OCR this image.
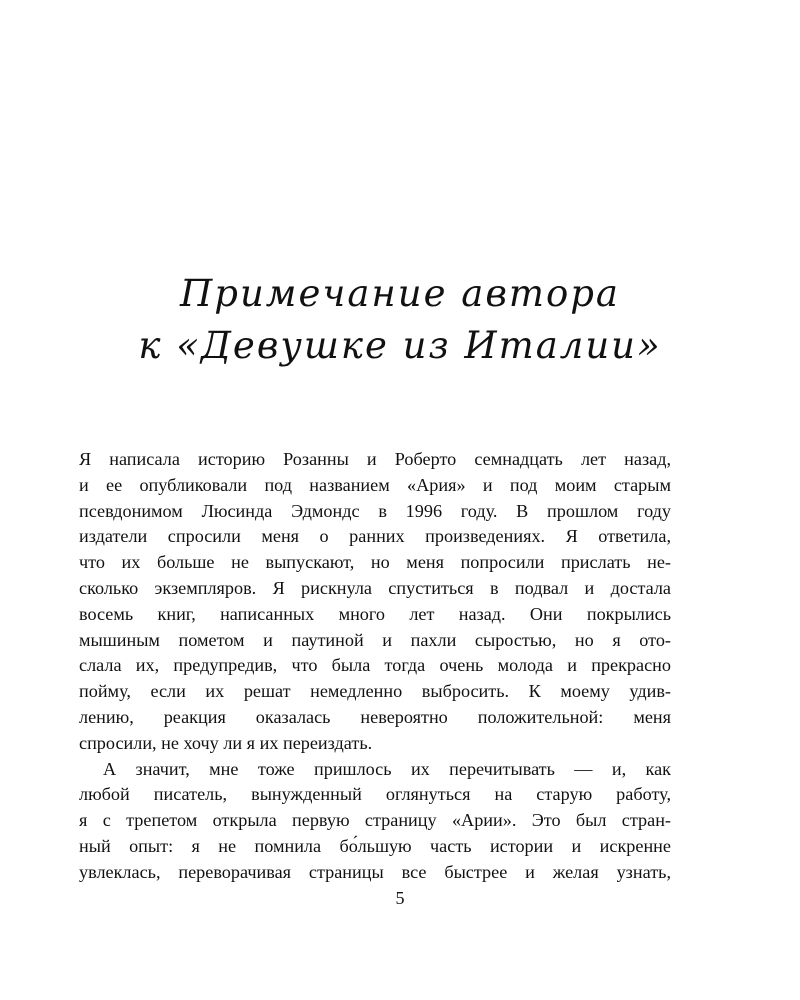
Примечание автора
к «Девушке из Италии»
Я написала историю Розанны и Роберто семнадцать лет назад,
и ее опубликовали под названием «Ария» и под моим старым
псевдонимом Люсинда Эдмондс в 1996 году. В прошлом году
издатели спросили меня о ранних произведениях. Я ответила,
что их больше не выпускают, но меня попросили прислать не-
сколько экземпляров. Я рискнула спуститься в подвал и достала
восемь книг, написанных много лет назад. Они покрылись
мышиным пометом и паутиной и пахли сыростью, но я ото-
слала их, предупредив, что была тогда очень молода и прекрасно
пойму, если их решат немедленно выбросить. К моему удив-
лению, реакция оказалась невероятно положительной: меня
спросили, не хочу ли я их переиздать.
А значит, мне тоже пришлось их перечитывать — и, как
любой писатель, вынужденный оглянуться на старую работу,
я с трепетом открыла первую страницу «Арии». Это был стран-
ный опыт: я не помнила бо́льшую часть истории и искренне
увлеклась, переворачивая страницы все быстрее и желая узнать,
5
